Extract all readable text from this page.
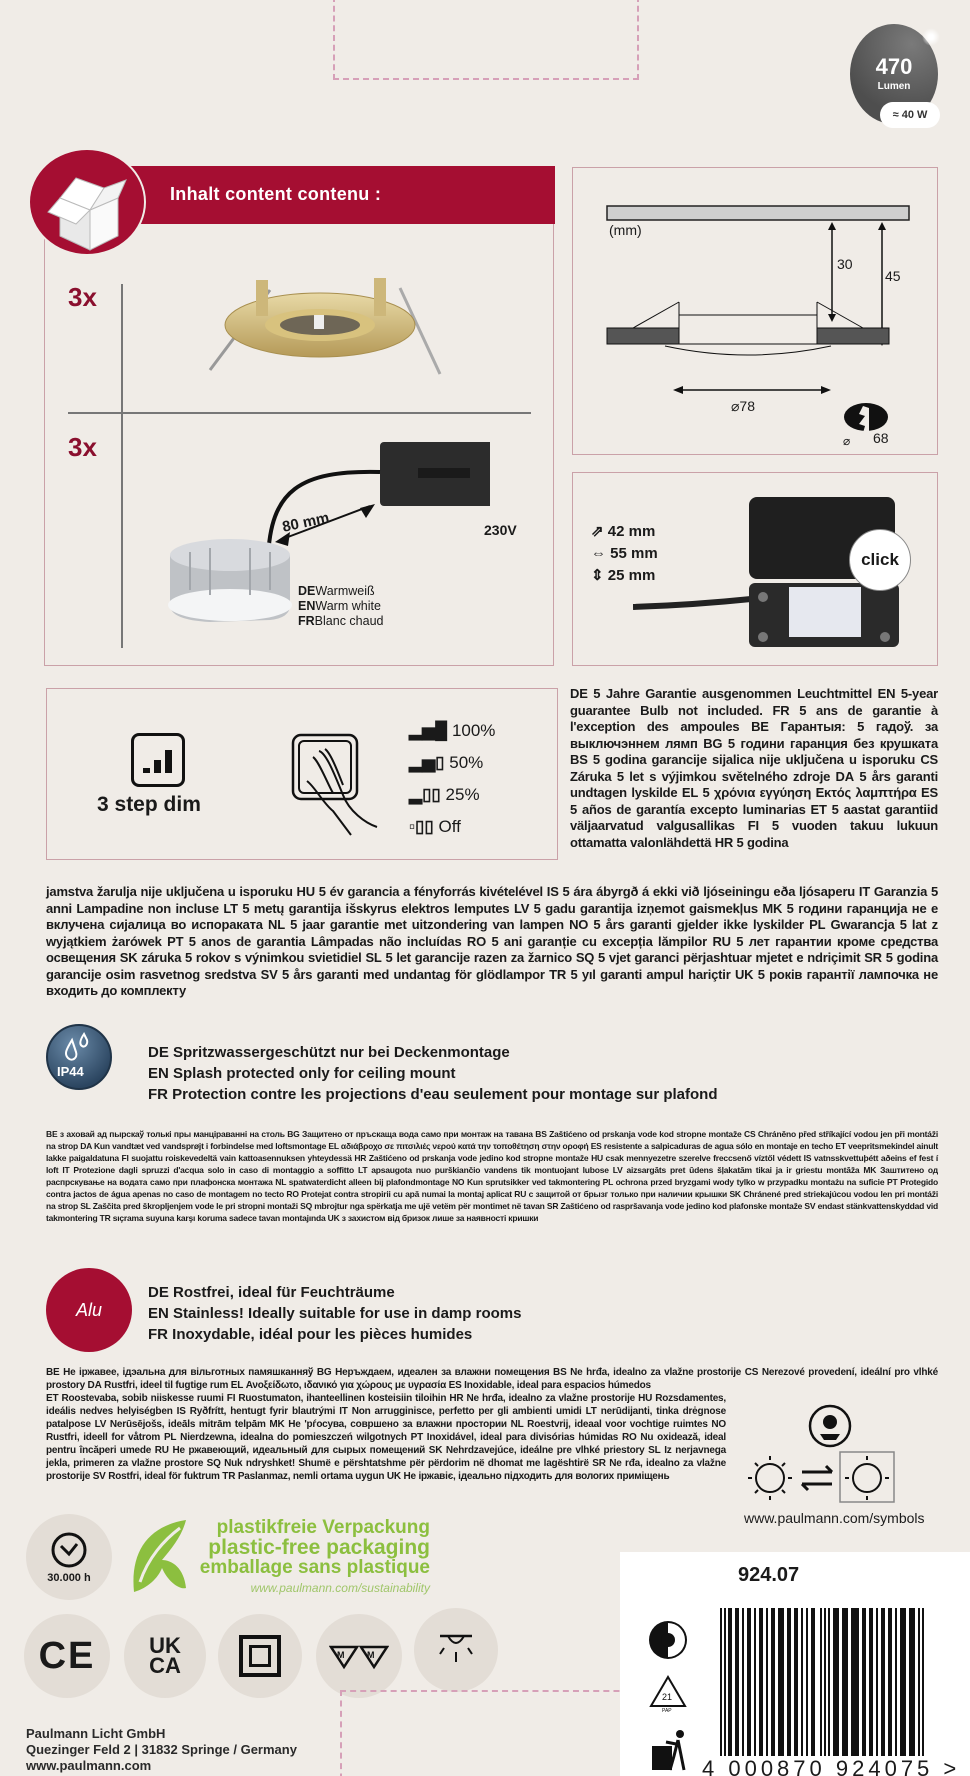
470
Lumen
≈ 40 W
Inhalt content contenu :
3x
3x
80 mm	230V
DEWarmweiß
ENWarm white
FRBlanc chaud
(mm)
30
45
⌀78
⌀ 68
⇗ 42 mm
⇔ 55 mm
⇕ 25 mm
click
3 step dim
▂▅█ 100%
▂▅▯ 50%
▂▯▯ 25%
▫▯▯ Off
DE 5 Jahre Garantie ausgenommen Leuchtmittel EN 5-year guarantee Bulb not included. FR 5 ans de garantie à l'exception des ampoules BE Гарантыя: 5 гадоў. за выключэннем лямп BG 5 години гаранция без крушката BS 5 godina garancije sijalica nije uključena u isporuku CS Záruka 5 let s výjimkou světelného zdroje DA 5 års garanti undtagen lyskilde EL 5 χρόνια εγγύηση Εκτός λαμπτήρα ES 5 años de garantía excepto luminarias ET 5 aastat garantiid väljaarvatud valgusallikas FI 5 vuoden takuu lukuun ottamatta valonlähdettä HR 5 godina
jamstva žarulja nije uključena u isporuku HU 5 év garancia a fényforrás kivételével IS 5 ára ábyrgð á ekki við ljóseiningu eða ljósaperu IT Garanzia 5 anni Lampadine non incluse LT 5 metų garantija išskyrus elektros lemputes LV 5 gadu garantija izņemot gaismekļus MK 5 години гаранција не е вклучена сијалица во испораката NL 5 jaar garantie met uitzondering van lampen NO 5 års garanti gjelder ikke lyskilder PL Gwarancja 5 lat z wyjątkiem żarówek PT 5 anos de garantia Lâmpadas não incluídas RO 5 ani garanție cu excepția lămpilor RU 5 лет гарантии кроме средства освещения SK záruka 5 rokov s výnimkou svietidiel SL 5 let garancije razen za žarnico SQ 5 vjet garanci përjashtuar mjetet e ndriçimit SR 5 godina garancije osim rasvetnog sredstva SV 5 års garanti med undantag för glödlampor TR 5 yıl garanti ampul hariçtir UK 5 років гарантії лампочка не входить до комплекту
IP44
DE Spritzwassergeschützt nur bei Deckenmontage
EN Splash protected only for ceiling mount
FR Protection contre les projections d'eau seulement pour montage sur plafond
BE з аховай ад пырскаў толькі пры манціраванні на столь BG Защитено от пръскаща вода само при монтаж на тавана BS Zaštićeno od prskanja vode kod stropne montaže CS Chráněno před stříkající vodou jen při montáži na strop DA Kun vandtæt ved vandsprøjt i forbindelse med loftsmontage EL αδιάβροχο σε πιτσιλιές νερού κατά την τοποθέτηση στην οροφή ES resistente a salpicaduras de agua sólo en montaje en techo ET veepritsmekindel ainult lakke paigaldatuna FI suojattu roiskevedeltä vain kattoasennuksen yhteydessä HR Zaštićeno od prskanja vode jedino kod stropne montaže HU csak mennyezetre szerelve freccsenő víztől védett IS vatnsskvettuþétt aðeins ef fest í loft IT Protezione dagli spruzzi d'acqua solo in caso di montaggio a soffitto LT apsaugota nuo purškiančio vandens tik montuojant lubose LV aizsargāts pret ūdens šļakatām tikai ja ir griestu montāža MK Заштитено од распрскување на водата само при плафонска монтажа NL spatwaterdicht alleen bij plafondmontage NO Kun sprutsikker ved takmontering PL ochrona przed bryzgami wody tylko w przypadku montażu na suficie PT Protegido contra jactos de água apenas no caso de montagem no tecto RO Protejat contra stropirii cu apă numai la montaj aplicat RU с защитой от брызг только при наличии крышки SK Chránené pred striekajúcou vodou len pri montáži na strop SL Zaščita pred škropljenjem vode le pri stropni montaži SQ mbrojtur nga spërkatja me ujë vetëm për montimet në tavan SR Zaštićeno od raspršavanja vode jedino kod plafonske montaže SV endast stänkvattenskyddad vid takmontering TR sıçrama suyuna karşı koruma sadece tavan montajında UK з захистом від бризок лише за наявності кришки
Alu
DE Rostfrei, ideal für Feuchträume
EN Stainless! Ideally suitable for use in damp rooms
FR Inoxydable, idéal pour les pièces humides
BE Не іржавее, ідэальна для вільготных памяшканняў BG Неръждаем, идеален за влажни помещения BS Ne hrđa, idealno za vlažne prostorije CS Nerezové provedení, ideální pro vlhké prostory DA Rustfri, ideel til fugtige rum EL Ανοξείδωτο, ιδανικό για χώρους με υγρασία ES Inoxidable, ideal para espacios húmedos
ET Roostevaba, sobib niiskesse ruumi FI Ruostumaton, ihanteellinen kosteisiin tiloihin HR Ne hrđa, idealno za vlažne prostorije HU Rozsdamentes, ideális nedves helyiségben IS Ryðfrítt, hentugt fyrir blautrými IT Non arrugginisce, perfetto per gli ambienti umidi LT nerūdijanti, tinka drėgnose patalpose LV Nerūsējošs, ideāls mitrām telpām MK Не 'рѓосува, совршено за влажни простории NL Roestvrij, ideaal voor vochtige ruimtes NO Rustfri, ideell for våtrom PL Nierdzewna, idealna do pomieszczeń wilgotnych PT Inoxidável, ideal para divisórias húmidas RO Nu oxidează, ideal pentru încăperi umede RU Не ржавеющий, идеальный для сырых помещений SK Nehrdzavejúce, ideálne pre vlhké priestory SL Iz nerjavnega jekla, primeren za vlažne prostore SQ Nuk ndryshket! Shumë e përshtatshme për përdorim në dhomat me lagështirë SR Ne rđa, idealno za vlažne prostorije SV Rostfri, ideal för fuktrum TR Paslanmaz, nemli ortama uygun UK Не іржавіє, ідеально підходить для вологих приміщень
www.paulmann.com/symbols
30.000 h
plastikfreie Verpackung
plastic-free packaging
emballage sans plastique
www.paulmann.com/sustainability
CE UK
CA	M	M
Paulmann Licht GmbH
Quezinger Feld 2 | 31832 Springe / Germany
www.paulmann.com
924.07
21
PAP
4 000870 924075 >
